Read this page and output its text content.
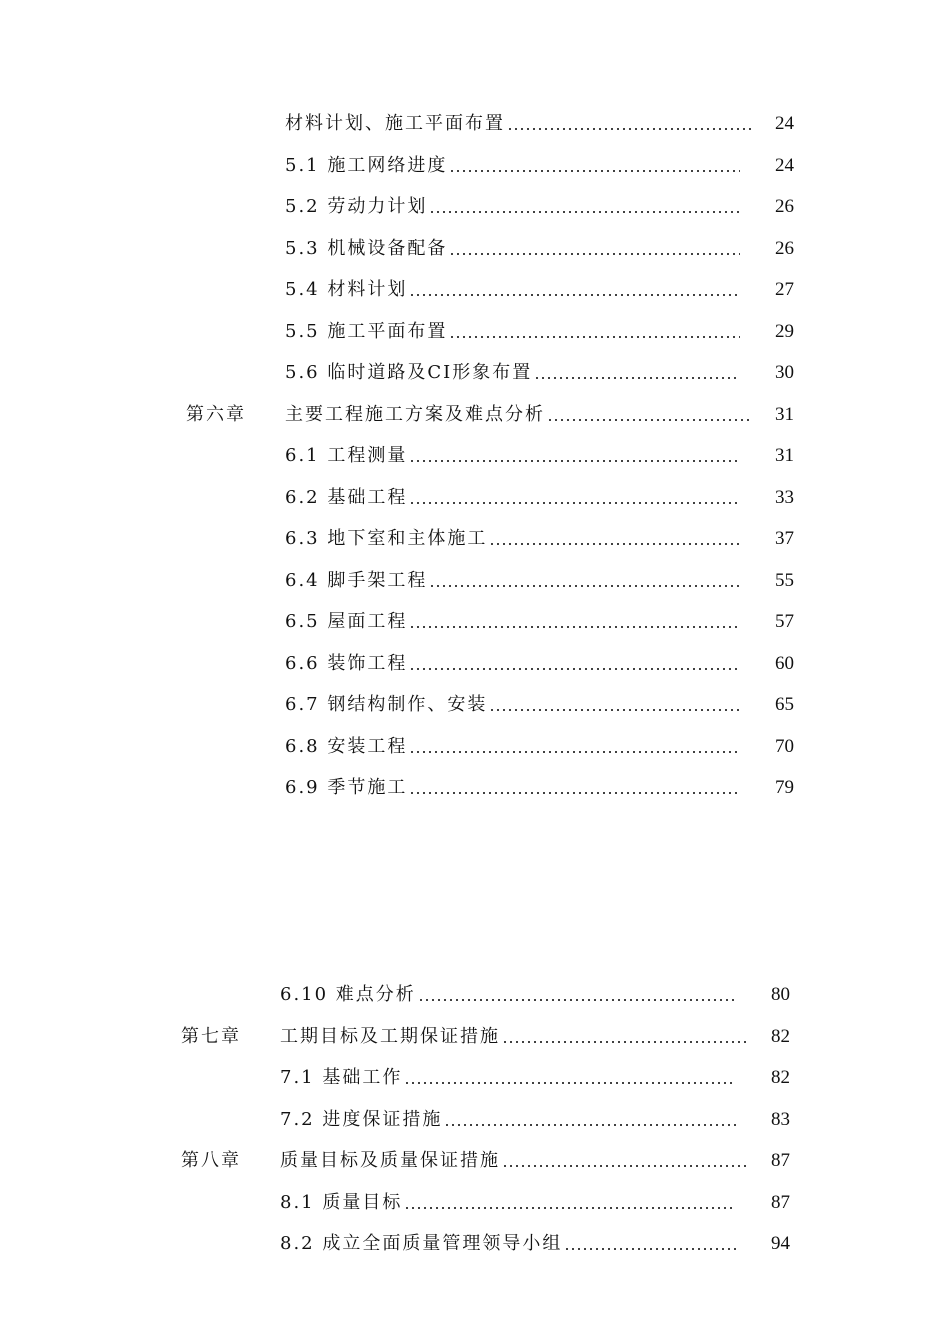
材料计划、施工平面布置	24
5.1 施工网络进度	24
5.2 劳动力计划	26
5.3 机械设备配备	26
5.4 材料计划	27
5.5 施工平面布置	29
5.6 临时道路及CI形象布置	30
第六章 主要工程施工方案及难点分析	31
6.1 工程测量	31
6.2 基础工程	33
6.3 地下室和主体施工	37
6.4 脚手架工程	55
6.5 屋面工程	57
6.6 装饰工程	60
6.7 钢结构制作、安装	65
6.8 安装工程	70
6.9 季节施工	79
6.10 难点分析	80
第七章 工期目标及工期保证措施	82
7.1 基础工作	82
7.2 进度保证措施	83
第八章 质量目标及质量保证措施	87
8.1 质量目标	87
8.2 成立全面质量管理领导小组	94
